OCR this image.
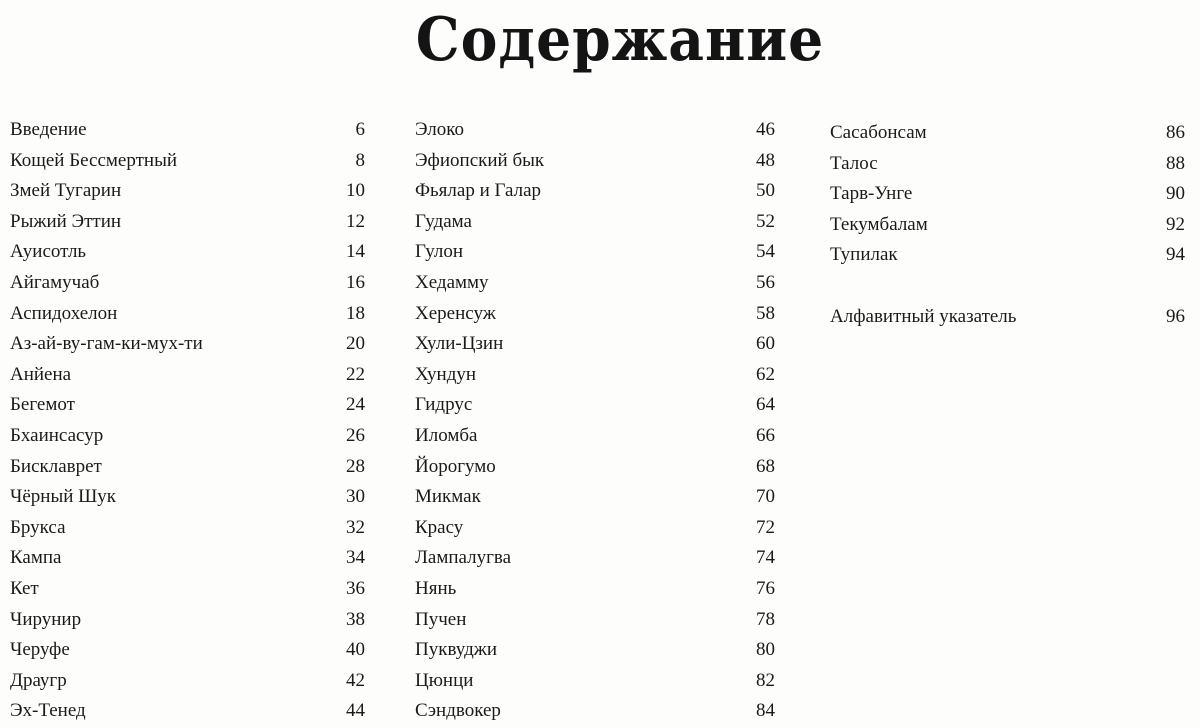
Содержание
Введение	6
Кощей Бессмертный	8
Змей Тугарин	10
Рыжий Эттин	12
Ауисотль	14
Айгамучаб	16
Аспидохелон	18
Аз-ай-ву-гам-ки-мух-ти	20
Анйена	22
Бегемот	24
Бхаинсасур	26
Бисклаврет	28
Чёрный Шук	30
Брукса	32
Кампа	34
Кет	36
Чирунир	38
Черуфе	40
Драугр	42
Эх-Тенед	44
Элоко	46
Эфиопский бык	48
Фьялар и Галар	50
Гудама	52
Гулон	54
Хедамму	56
Херенсуж	58
Хули-Цзин	60
Хундун	62
Гидрус	64
Иломба	66
Йорогумо	68
Микмак	70
Красу	72
Лампалугва	74
Нянь	76
Пучен	78
Пуквуджи	80
Цюнци	82
Сэндвокер	84
Сасабонсам	86
Талос	88
Тарв-Унге	90
Текумбалам	92
Тупилак	94
Алфавитный указатель	96
